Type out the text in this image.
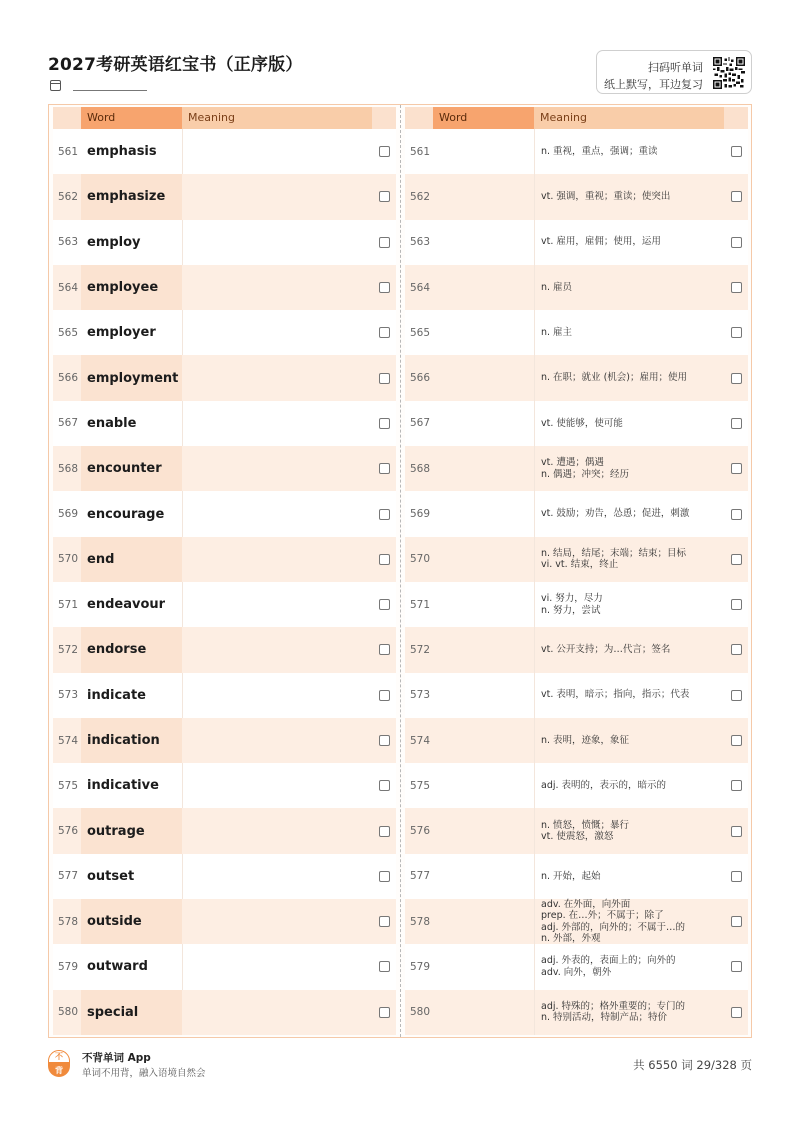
2027考研英语红宝书（正序版）	扫码听单词
纸上默写，耳边复习
Word	Meaning
561 emphasis
562 emphasize
563 employ
564 employee
565 employer
566 employment
567 enable
568 encounter
569 encourage
570 end
571 endeavour
572 endorse
573 indicate
574 indication
575 indicative
576 outrage
577 outset
578 outside
579 outward
580 special
Word	Meaning
561	n. 重视，重点，强调；重读
562	vt. 强调，重视；重读；使突出
563	vt. 雇用，雇佣；使用，运用
564	n. 雇员
565	n. 雇主
566	n. 在职；就业 (机会)；雇用；使用
567	vt. 使能够，使可能
568	vt. 遭遇；偶遇
n. 偶遇；冲突；经历
569	vt. 鼓励；劝告，怂恿；促进，刺激
570	n. 结局，结尾；末端；结束；目标
vi. vt. 结束，终止
571	vi. 努力，尽力
n. 努力，尝试
572	vt. 公开支持；为…代言；签名
573	vt. 表明，暗示；指向，指示；代表
574	n. 表明，迹象，象征
575	adj. 表明的，表示的，暗示的
576	n. 愤怒，愤慨；暴行
vt. 使震怒，激怒
577	n. 开始，起始
578
adv. 在外面，向外面
prep. 在…外；不属于；除了
adj. 外部的，向外的；不属于…的
n. 外部，外观
579	adj. 外表的，表面上的；向外的
adv. 向外，朝外
580	adj. 特殊的；格外重要的；专门的
n. 特别活动，特制产品；特价
不
背
不背单词 App
单词不用背，融入语境自然会
共 6550 词 29/328 页
